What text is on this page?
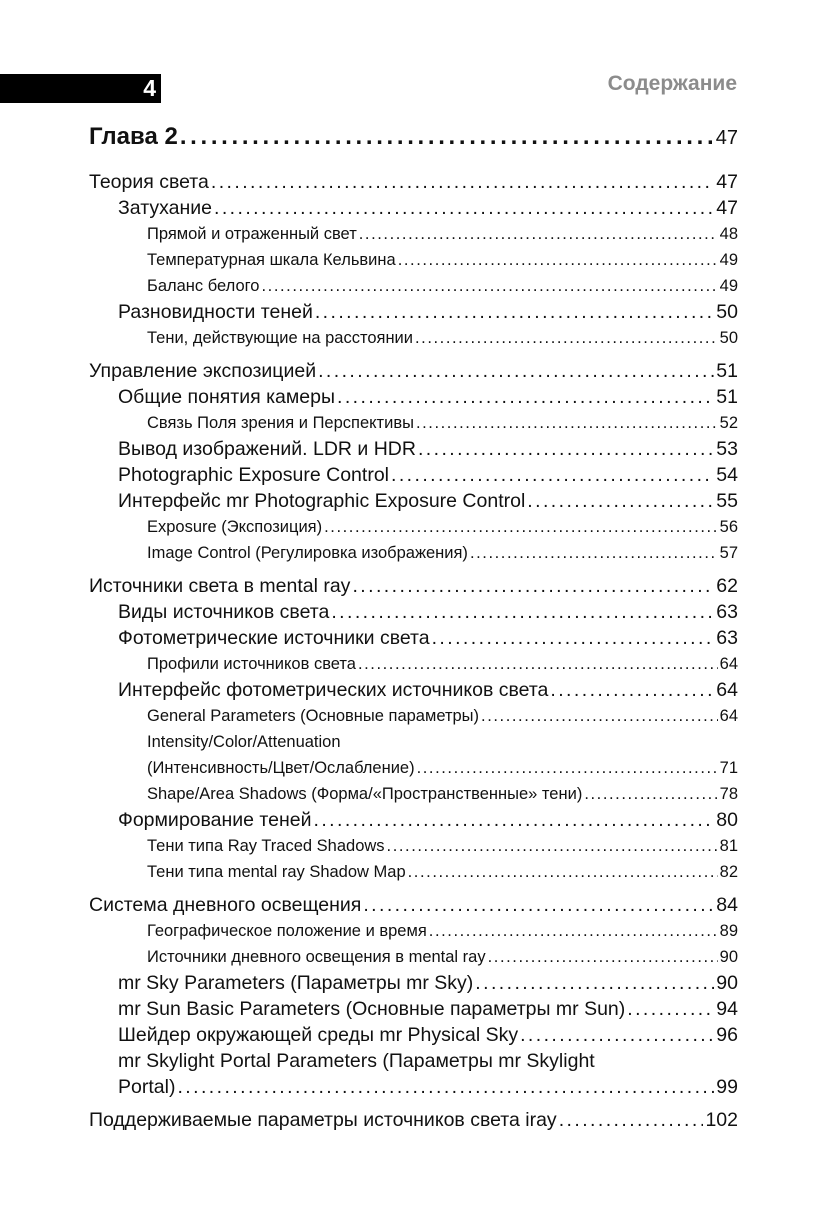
4	Содержание
Глава 2 . . .	47
Теория света . . .	47
Затухание . . .	47
Прямой и отраженный свет . . .	48
Температурная шкала Кельвина . . .	49
Баланс белого . . .	49
Разновидности теней . . .	50
Тени, действующие на расстоянии . . .	50
Управление экспозицией . . .	51
Общие понятия камеры . . .	51
Связь Поля зрения и Перспективы . . .	52
Вывод изображений. LDR и HDR . . .	53
Photographic Exposure Control . . .	54
Интерфейс mr Photographic Exposure Control . . .	55
Exposure (Экспозиция) . . .	56
Image Control (Регулировка изображения) . . .	57
Источники света в mental ray . . .	62
Виды источников света . . .	63
Фотометрические источники света . . .	63
Профили источников света . . .	64
Интерфейс фотометрических источников света . . .	64
General Parameters (Основные параметры) . . .	64
Intensity/Color/Attenuation
(Интенсивность/Цвет/Ослабление) . . .	71
Shape/Area Shadows (Форма/«Пространственные» тени) . . .	78
Формирование теней . . .	80
Тени типа Ray Traced Shadows . . .	81
Тени типа mental ray Shadow Map . . .	82
Система дневного освещения . . .	84
Географическое положение и время . . .	89
Источники дневного освещения в mental ray . . .	90
mr Sky Parameters (Параметры mr Sky) . . .	90
mr Sun Basic Parameters (Основные параметры mr Sun) . . .	94
Шейдер окружающей среды mr Physical Sky . . .	96
mr Skylight Portal Parameters (Параметры mr Skylight
Portal) . . .	99
Поддерживаемые параметры источников света iray . . .	102
